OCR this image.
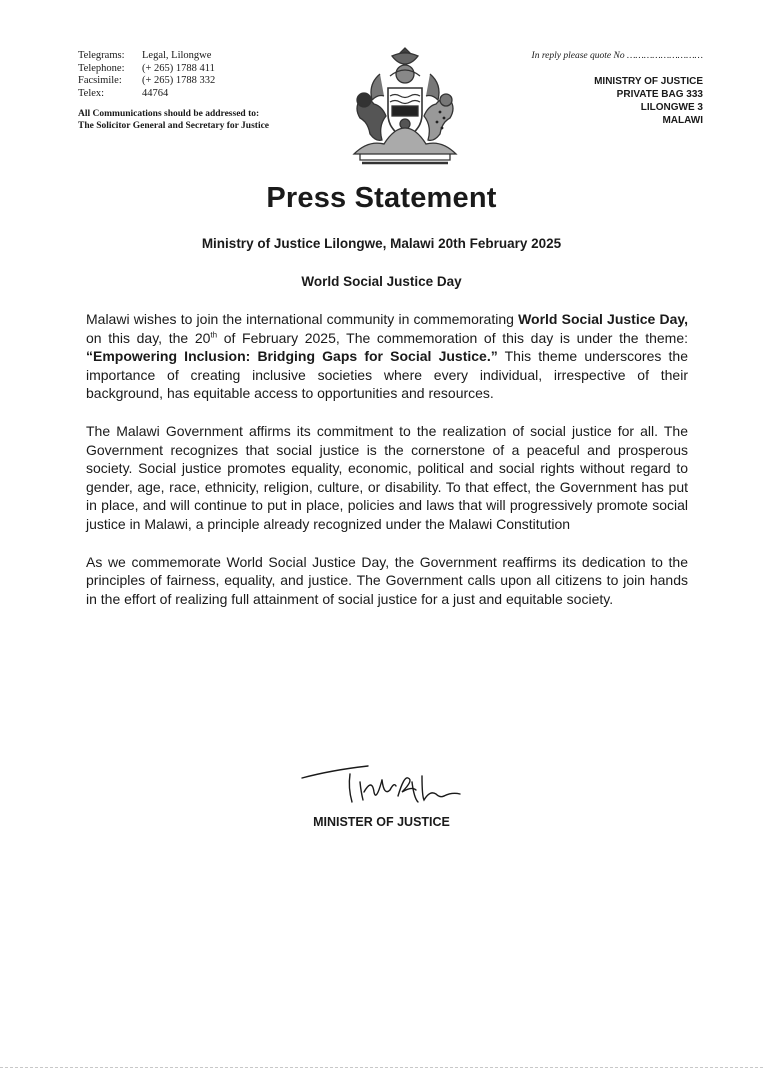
Telegrams:	Legal, Lilongwe
Telephone:	(+ 265) 1788 411
Facsimile:	(+ 265) 1788 332
Telex:	44764
All Communications should be addressed to:
The Solicitor General and Secretary for Justice
In reply please quote No ………………………
MINISTRY OF JUSTICE
PRIVATE BAG 333
LILONGWE 3
MALAWI
Press Statement
Ministry of Justice Lilongwe, Malawi 20th February 2025
World Social Justice Day

Malawi wishes to join the international community in commemorating World Social Justice Day, on this day, the 20th of February 2025, The commemoration of this day is under the theme: “Empowering Inclusion: Bridging Gaps for Social Justice.” This theme underscores the importance of creating inclusive societies where every individual, irrespective of their background, has equitable access to opportunities and resources.

The Malawi Government affirms its commitment to the realization of social justice for all. The Government recognizes that social justice is the cornerstone of a peaceful and prosperous society. Social justice promotes equality, economic, political and social rights without regard to gender, age, race, ethnicity, religion, culture, or disability. To that effect, the Government has put in place, and will continue to put in place, policies and laws that will progressively promote social justice in Malawi, a principle already recognized under the Malawi Constitution

As we commemorate World Social Justice Day, the Government reaffirms its dedication to the principles of fairness, equality, and justice. The Government calls upon all citizens to join hands in the effort of realizing full attainment of social justice for a just and equitable society.

MINISTER OF JUSTICE
